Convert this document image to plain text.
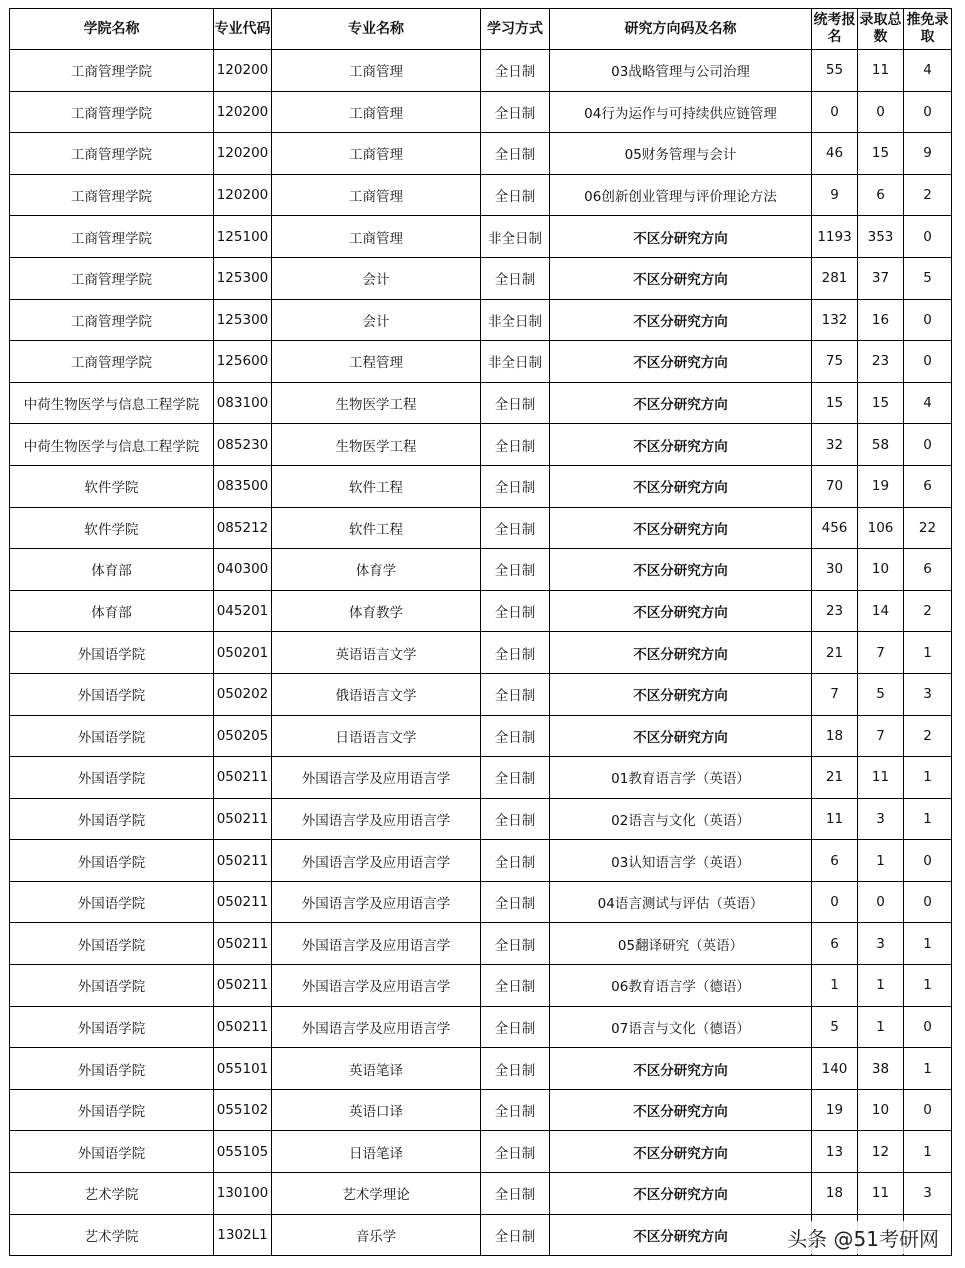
学院名称	专业代码	专业名称	学习方式	研究方向码及名称	统考报名	录取总数	推免录取
工商管理学院	120200	工商管理	全日制	03战略管理与公司治理	55	11	4
工商管理学院	120200	工商管理	全日制	04行为运作与可持续供应链管理	0	0	0
工商管理学院	120200	工商管理	全日制	05财务管理与会计	46	15	9
工商管理学院	120200	工商管理	全日制	06创新创业管理与评价理论方法	9	6	2
工商管理学院	125100	工商管理	非全日制	不区分研究方向	1193	353	0
工商管理学院	125300	会计	全日制	不区分研究方向	281	37	5
工商管理学院	125300	会计	非全日制	不区分研究方向	132	16	0
工商管理学院	125600	工程管理	非全日制	不区分研究方向	75	23	0
中荷生物医学与信息工程学院	083100	生物医学工程	全日制	不区分研究方向	15	15	4
中荷生物医学与信息工程学院	085230	生物医学工程	全日制	不区分研究方向	32	58	0
软件学院	083500	软件工程	全日制	不区分研究方向	70	19	6
软件学院	085212	软件工程	全日制	不区分研究方向	456	106	22
体育部	040300	体育学	全日制	不区分研究方向	30	10	6
体育部	045201	体育教学	全日制	不区分研究方向	23	14	2
外国语学院	050201	英语语言文学	全日制	不区分研究方向	21	7	1
外国语学院	050202	俄语语言文学	全日制	不区分研究方向	7	5	3
外国语学院	050205	日语语言文学	全日制	不区分研究方向	18	7	2
外国语学院	050211	外国语言学及应用语言学	全日制	01教育语言学（英语）	21	11	1
外国语学院	050211	外国语言学及应用语言学	全日制	02语言与文化（英语）	11	3	1
外国语学院	050211	外国语言学及应用语言学	全日制	03认知语言学（英语）	6	1	0
外国语学院	050211	外国语言学及应用语言学	全日制	04语言测试与评估（英语）	0	0	0
外国语学院	050211	外国语言学及应用语言学	全日制	05翻译研究（英语）	6	3	1
外国语学院	050211	外国语言学及应用语言学	全日制	06教育语言学（德语）	1	1	1
外国语学院	050211	外国语言学及应用语言学	全日制	07语言与文化（德语）	5	1	0
外国语学院	055101	英语笔译	全日制	不区分研究方向	140	38	1
外国语学院	055102	英语口译	全日制	不区分研究方向	19	10	0
外国语学院	055105	日语笔译	全日制	不区分研究方向	13	12	1
艺术学院	130100	艺术学理论	全日制	不区分研究方向	18	11	3
艺术学院	1302L1	音乐学	全日制	不区分研究方向				头条 @51考研网
